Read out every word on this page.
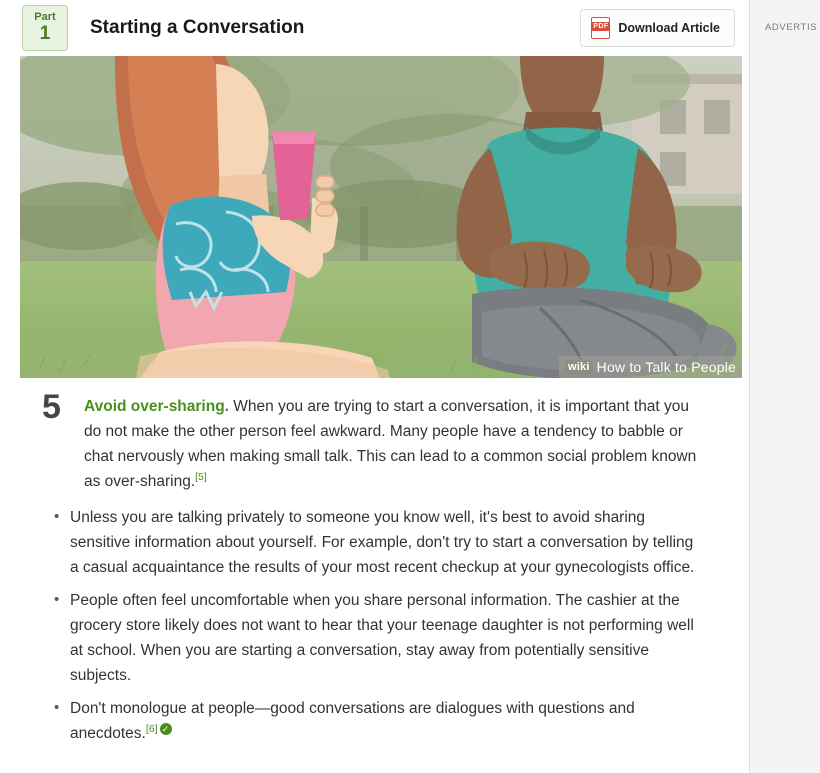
Part
1 Starting a Conversation	PDF Download Article
wiki How to Talk to People
5 Avoid over-sharing. When you are trying to start a conversation, it is important that you do not make the other person feel awkward. Many people have a tendency to babble or chat nervously when making small talk. This can lead to a common social problem known as over-sharing.[5]

• Unless you are talking privately to someone you know well, it's best to avoid sharing sensitive information about yourself. For example, don't try to start a conversation by telling a casual acquaintance the results of your most recent checkup at your gynecologists office.
• People often feel uncomfortable when you share personal information. The cashier at the grocery store likely does not want to hear that your teenage daughter is not performing well at school. When you are starting a conversation, stay away from potentially sensitive subjects.
• Don't monologue at people—good conversations are dialogues with questions and anecdotes.[6] ✓
ADVERTIS
